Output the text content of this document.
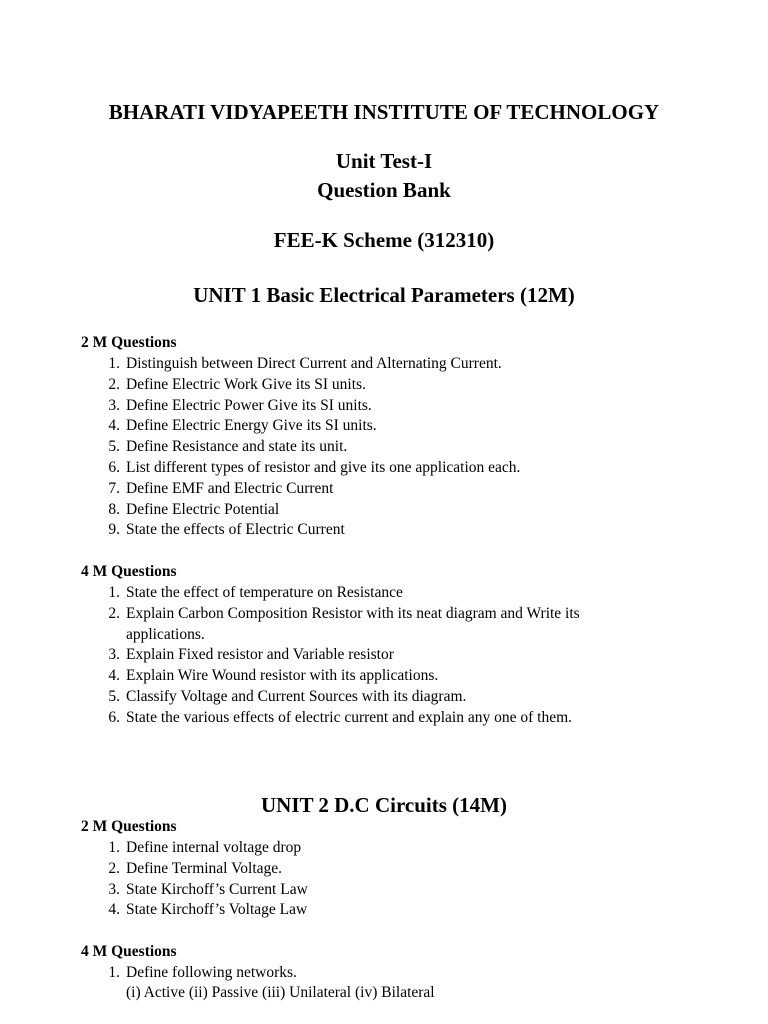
BHARATI VIDYAPEETH INSTITUTE OF TECHNOLOGY
Unit Test-I
Question Bank
FEE-K Scheme (312310)
UNIT 1 Basic Electrical Parameters (12M)
2 M Questions
1. Distinguish between Direct Current and Alternating Current.
2. Define Electric Work Give its SI units.
3. Define Electric Power Give its SI units.
4. Define Electric Energy Give its SI units.
5. Define Resistance and state its unit.
6. List different types of resistor and give its one application each.
7. Define EMF and Electric Current
8. Define Electric Potential
9. State the effects of Electric Current
4 M Questions
1. State the effect of temperature on Resistance
2. Explain Carbon Composition Resistor with its neat diagram and Write its applications.
3. Explain Fixed resistor and Variable resistor
4. Explain Wire Wound resistor with its applications.
5. Classify Voltage and Current Sources with its diagram.
6. State the various effects of electric current and explain any one of them.
UNIT 2 D.C Circuits (14M)
2 M Questions
1. Define internal voltage drop
2. Define Terminal Voltage.
3. State Kirchoff’s Current Law
4. State Kirchoff’s Voltage Law
4 M Questions
1. Define following networks.
(i) Active (ii) Passive (iii) Unilateral (iv) Bilateral
